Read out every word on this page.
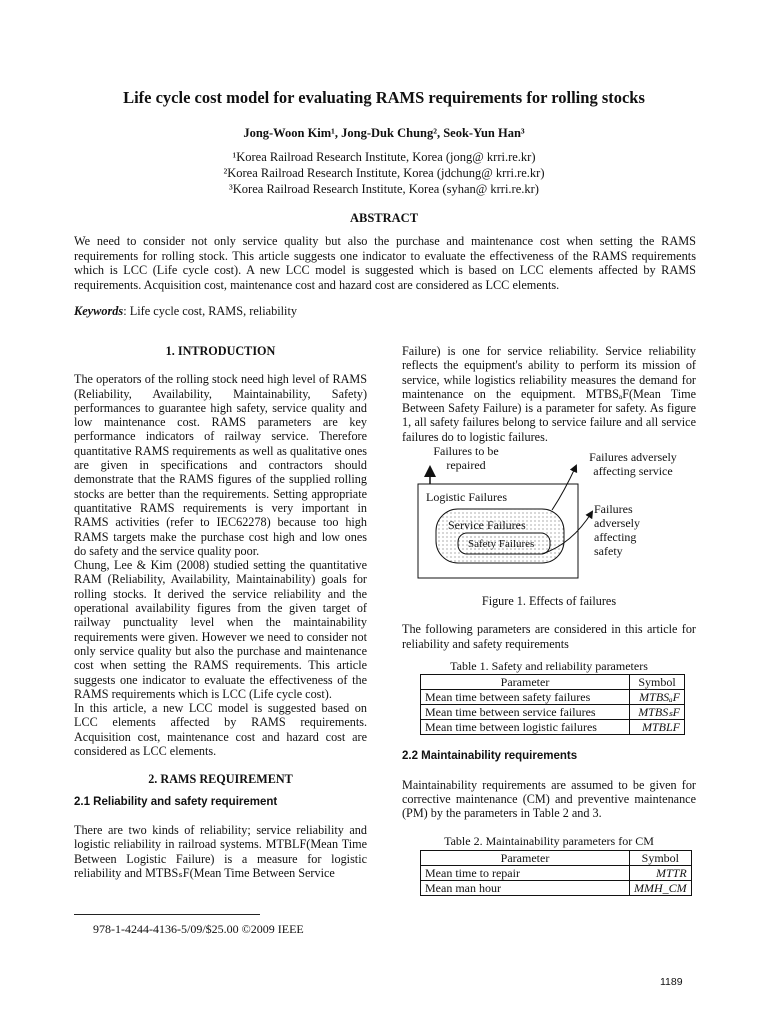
Life cycle cost model for evaluating RAMS requirements for rolling stocks
Jong-Woon Kim¹, Jong-Duk Chung², Seok-Yun Han³
¹Korea Railroad Research Institute, Korea (jong@ krri.re.kr)
²Korea Railroad Research Institute, Korea (jdchung@ krri.re.kr)
³Korea Railroad Research Institute, Korea (syhan@ krri.re.kr)
ABSTRACT
We need to consider not only service quality but also the purchase and maintenance cost when setting the RAMS requirements for rolling stock. This article suggests one indicator to evaluate the effectiveness of the RAMS requirements which is LCC (Life cycle cost). A new LCC model is suggested which is based on LCC elements affected by RAMS requirements. Acquisition cost, maintenance cost and hazard cost are considered as LCC elements.
Keywords: Life cycle cost, RAMS, reliability

1. INTRODUCTION

The operators of the rolling stock need high level of RAMS (Reliability, Availability, Maintainability, Safety) performances to guarantee high safety, service quality and low maintenance cost. RAMS parameters are key performance indicators of railway service. Therefore quantitative RAMS requirements as well as qualitative ones are given in specifications and contractors should demonstrate that the RAMS figures of the supplied rolling stocks are better than the requirements. Setting appropriate quantitative RAMS requirements is very important in RAMS activities (refer to IEC62278) because too high RAMS targets make the purchase cost high and low ones do safety and the service quality poor.

Chung, Lee & Kim (2008) studied setting the quantitative RAM (Reliability, Availability, Maintainability) goals for rolling stocks. It derived the service reliability and the operational availability figures from the given target of railway punctuality level when the maintainability requirements were given. However we need to consider not only service quality but also the purchase and maintenance cost when setting the RAMS requirements. This article suggests one indicator to evaluate the effectiveness of the RAMS requirements which is LCC (Life cycle cost).

In this article, a new LCC model is suggested based on LCC elements affected by RAMS requirements. Acquisition cost, maintenance cost and hazard cost are considered as LCC elements.

2. RAMS REQUIREMENT

2.1 Reliability and safety requirement

There are two kinds of reliability; service reliability and logistic reliability in railroad systems. MTBLF(Mean Time Between Logistic Failure) is a measure for logistic reliability and MTBSₛF(Mean Time Between Service

Failure) is one for service reliability. Service reliability reflects the equipment's ability to perform its mission of service, while logistics reliability measures the demand for maintenance on the equipment. MTBSₐF(Mean Time Between Safety Failure) is a parameter for safety. As figure 1, all safety failures belong to service failure and all service failures do to logistic failures.

Failures to be repaired
Failures adversely affecting service
Logistic Failures
Service Failures
Safety Failures
Failures adversely affecting safety

Figure 1. Effects of failures

The following parameters are considered in this article for reliability and safety requirements

Table 1. Safety and reliability parameters
Parameter	Symbol
Mean time between safety failures	MTBSₐF
Mean time between service failures	MTBSₛF
Mean time between logistic failures	MTBLF

2.2 Maintainability requirements

Maintainability requirements are assumed to be given for corrective maintenance (CM) and preventive maintenance (PM) by the parameters in Table 2 and 3.

Table 2. Maintainability parameters for CM
Parameter	Symbol
Mean time to repair	MTTR
Mean man hour	MMH_CM
978-1-4244-4136-5/09/$25.00 ©2009 IEEE
1189
